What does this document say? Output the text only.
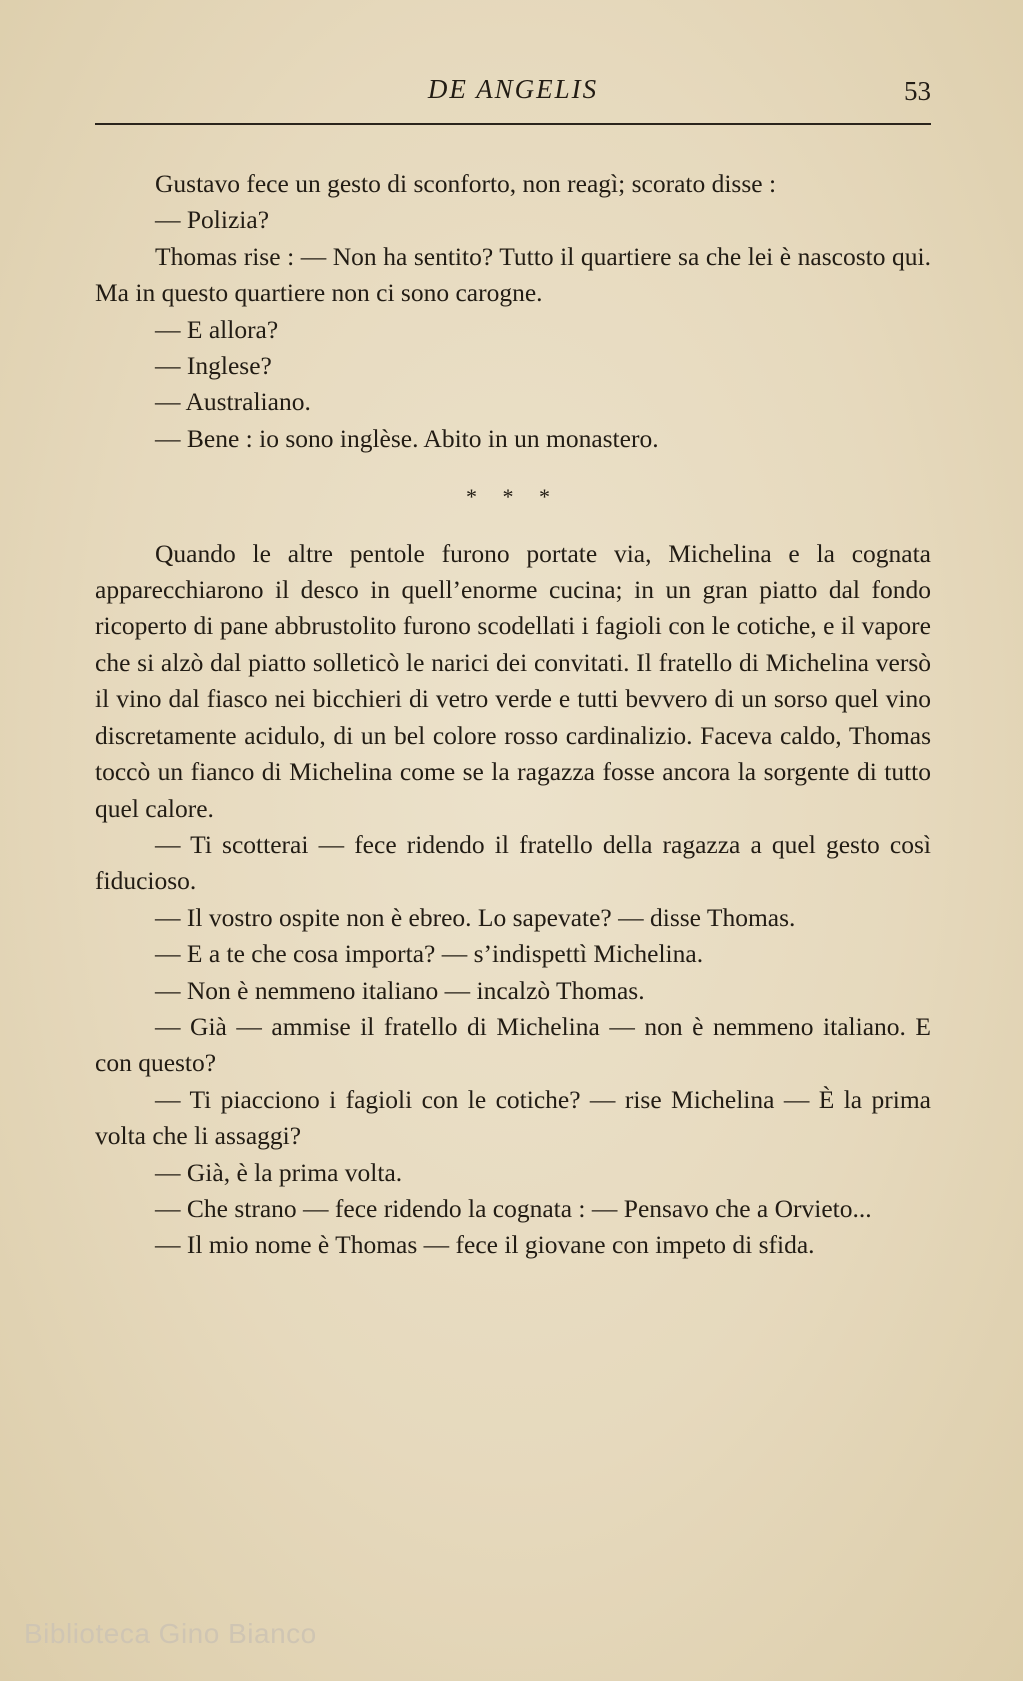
DE ANGELIS	53

Gustavo fece un gesto di sconforto, non reagì; scorato disse :

— Polizia?

Thomas rise : — Non ha sentito? Tutto il quartiere sa che lei è nascosto qui. Ma in questo quartiere non ci sono carogne.

— E allora?

— Inglese?

— Australiano.

— Bene : io sono inglèse. Abito in un monastero.

* * *

Quando le altre pentole furono portate via, Michelina e la cognata apparecchiarono il desco in quell’enorme cucina; in un gran piatto dal fondo ricoperto di pane abbrustolito furono scodellati i fagioli con le cotiche, e il vapore che si alzò dal piatto solleticò le narici dei convitati. Il fratello di Michelina versò il vino dal fiasco nei bicchieri di vetro verde e tutti bevvero di un sorso quel vino discretamente acidulo, di un bel colore rosso cardinalizio. Faceva caldo, Thomas toccò un fianco di Michelina come se la ragazza fosse ancora la sorgente di tutto quel calore.

— Ti scotterai — fece ridendo il fratello della ragazza a quel gesto così fiducioso.

— Il vostro ospite non è ebreo. Lo sapevate? — disse Thomas.

— E a te che cosa importa? — s’indispettì Michelina.

— Non è nemmeno italiano — incalzò Thomas.

— Già — ammise il fratello di Michelina — non è nemmeno italiano. E con questo?

— Ti piacciono i fagioli con le cotiche? — rise Michelina — È la prima volta che li assaggi?

— Già, è la prima volta.

— Che strano — fece ridendo la cognata : — Pensavo che a Orvieto...

— Il mio nome è Thomas — fece il giovane con impeto di sfida.

Biblioteca Gino Bianco
